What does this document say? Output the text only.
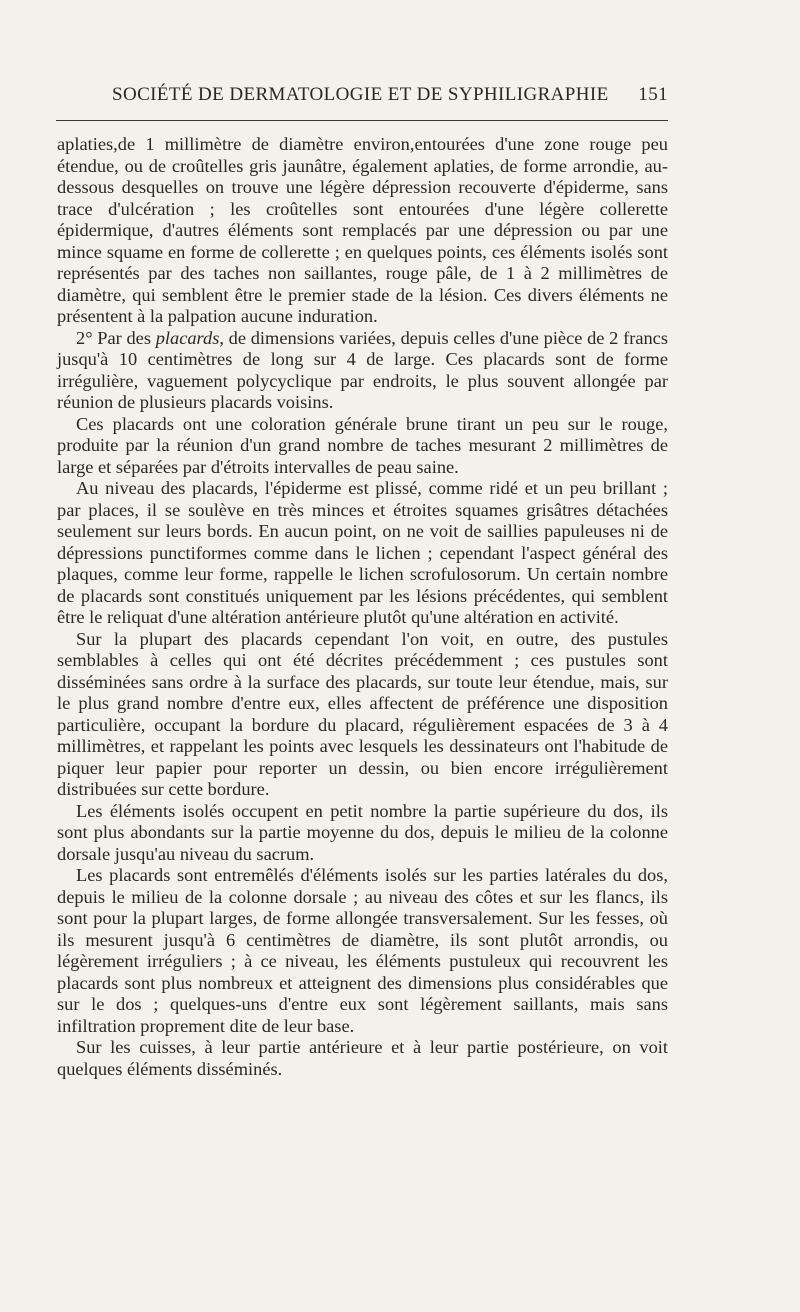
SOCIÉTÉ DE DERMATOLOGIE ET DE SYPHILIGRAPHIE 151

aplaties,de 1 millimètre de diamètre environ,entourées d'une zone rouge peu étendue, ou de croûtelles gris jaunâtre, également aplaties, de forme arrondie, au-dessous desquelles on trouve une légère dépression recouverte d'épiderme, sans trace d'ulcération ; les croûtelles sont entourées d'une légère collerette épidermique, d'autres éléments sont remplacés par une dépression ou par une mince squame en forme de collerette ; en quelques points, ces éléments isolés sont représentés par des taches non saillantes, rouge pâle, de 1 à 2 millimètres de diamètre, qui semblent être le premier stade de la lésion. Ces divers éléments ne présentent à la palpation aucune induration.

2° Par des placards, de dimensions variées, depuis celles d'une pièce de 2 francs jusqu'à 10 centimètres de long sur 4 de large. Ces placards sont de forme irrégulière, vaguement polycyclique par endroits, le plus souvent allongée par réunion de plusieurs placards voisins.

Ces placards ont une coloration générale brune tirant un peu sur le rouge, produite par la réunion d'un grand nombre de taches mesurant 2 millimètres de large et séparées par d'étroits intervalles de peau saine.

Au niveau des placards, l'épiderme est plissé, comme ridé et un peu brillant ; par places, il se soulève en très minces et étroites squames grisâtres détachées seulement sur leurs bords. En aucun point, on ne voit de saillies papuleuses ni de dépressions punctiformes comme dans le lichen ; cependant l'aspect général des plaques, comme leur forme, rappelle le lichen scrofulosorum. Un certain nombre de placards sont constitués uniquement par les lésions précédentes, qui semblent être le reliquat d'une altération antérieure plutôt qu'une altération en activité.

Sur la plupart des placards cependant l'on voit, en outre, des pustules semblables à celles qui ont été décrites précédemment ; ces pustules sont disséminées sans ordre à la surface des placards, sur toute leur étendue, mais, sur le plus grand nombre d'entre eux, elles affectent de préférence une disposition particulière, occupant la bordure du placard, régulièrement espacées de 3 à 4 millimètres, et rappelant les points avec lesquels les dessinateurs ont l'habitude de piquer leur papier pour reporter un dessin, ou bien encore irrégulièrement distribuées sur cette bordure.

Les éléments isolés occupent en petit nombre la partie supérieure du dos, ils sont plus abondants sur la partie moyenne du dos, depuis le milieu de la colonne dorsale jusqu'au niveau du sacrum.

Les placards sont entremêlés d'éléments isolés sur les parties latérales du dos, depuis le milieu de la colonne dorsale ; au niveau des côtes et sur les flancs, ils sont pour la plupart larges, de forme allongée transversalement. Sur les fesses, où ils mesurent jusqu'à 6 centimètres de diamètre, ils sont plutôt arrondis, ou légèrement irréguliers ; à ce niveau, les éléments pustuleux qui recouvrent les placards sont plus nombreux et atteignent des dimensions plus considérables que sur le dos ; quelques-uns d'entre eux sont légèrement saillants, mais sans infiltration proprement dite de leur base.

Sur les cuisses, à leur partie antérieure et à leur partie postérieure, on voit quelques éléments disséminés.
